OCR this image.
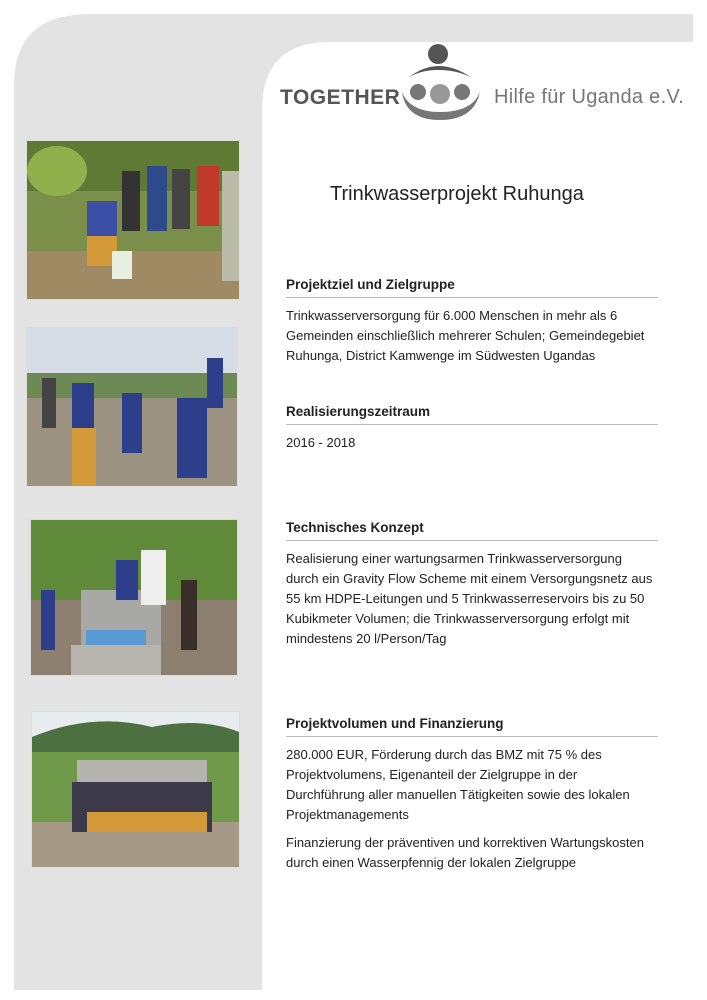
TOGETHER	Hilfe für Uganda e.V.
Trinkwasserprojekt Ruhunga
Projektziel und Zielgruppe

Trinkwasserversorgung für 6.000 Menschen in mehr als 6 Gemeinden einschließlich mehrerer Schulen; Gemeindegebiet Ruhunga, District Kamwenge im Südwesten Ugandas

Realisierungszeitraum

2016 - 2018

Technisches Konzept

Realisierung einer wartungsarmen Trinkwasserversorgung durch ein Gravity Flow Scheme mit einem Versorgungsnetz aus 55 km HDPE-Leitungen und 5 Trinkwasserreservoirs bis zu 50 Kubikmeter Volumen; die Trinkwasserversorgung erfolgt mit mindestens 20 l/Person/Tag

Projektvolumen und Finanzierung

280.000 EUR, Förderung durch das BMZ mit 75 % des Projektvolumens, Eigenanteil der Zielgruppe in der Durchführung aller manuellen Tätigkeiten sowie des lokalen Projektmanagements

Finanzierung der präventiven und korrektiven Wartungskosten durch einen Wasserpfennig der lokalen Zielgruppe
